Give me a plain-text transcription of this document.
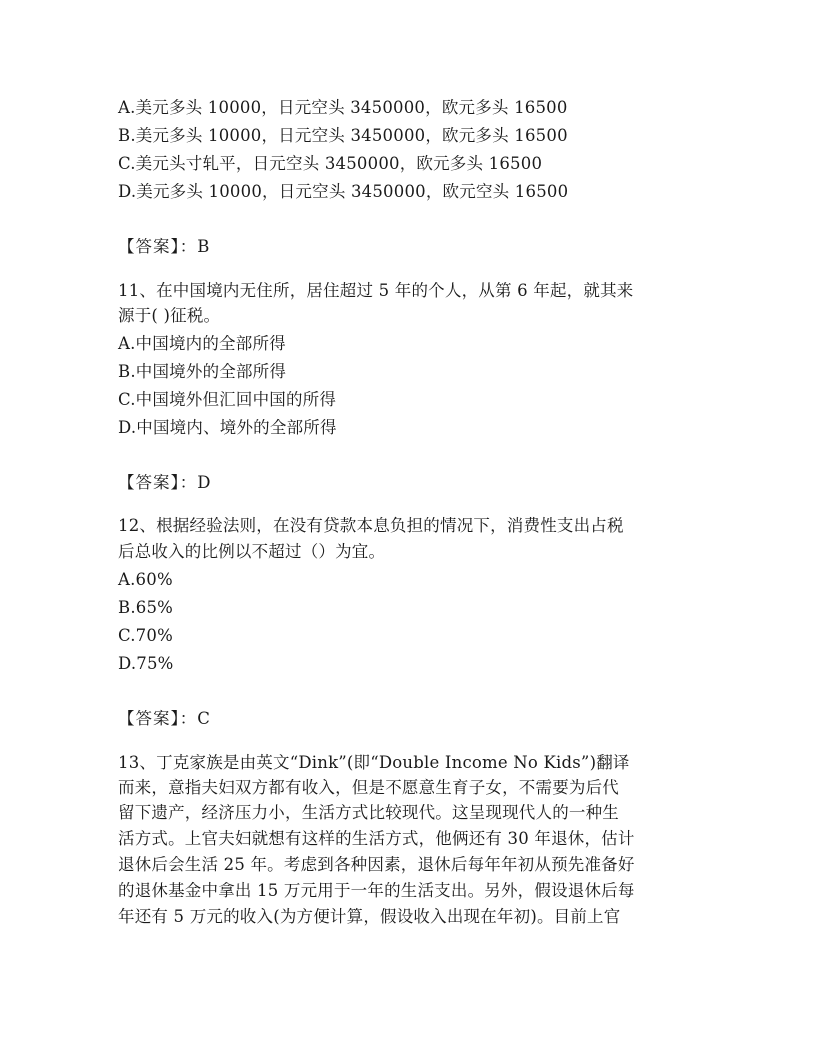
A.美元多头 10000，日元空头 3450000，欧元多头 16500
B.美元多头 10000，日元空头 3450000，欧元多头 16500
C.美元头寸轧平，日元空头 3450000，欧元多头 16500
D.美元多头 10000，日元空头 3450000，欧元空头 16500
【答案】：B
11、在中国境内无住所，居住超过 5 年的个人，从第 6 年起，就其来
源于( )征税。
A.中国境内的全部所得
B.中国境外的全部所得
C.中国境外但汇回中国的所得
D.中国境内、境外的全部所得
【答案】：D
12、根据经验法则，在没有贷款本息负担的情况下，消费性支出占税
后总收入的比例以不超过（）为宜。
A.60%
B.65%
C.70%
D.75%
【答案】：C
13、丁克家族是由英文“Dink”(即“Double Income No Kids”)翻译
而来，意指夫妇双方都有收入，但是不愿意生育子女，不需要为后代
留下遗产，经济压力小，生活方式比较现代。这呈现现代人的一种生
活方式。上官夫妇就想有这样的生活方式，他俩还有 30 年退休，估计
退休后会生活 25 年。考虑到各种因素，退休后每年年初从预先准备好
的退休基金中拿出 15 万元用于一年的生活支出。另外，假设退休后每
年还有 5 万元的收入(为方便计算，假设收入出现在年初)。目前上官
